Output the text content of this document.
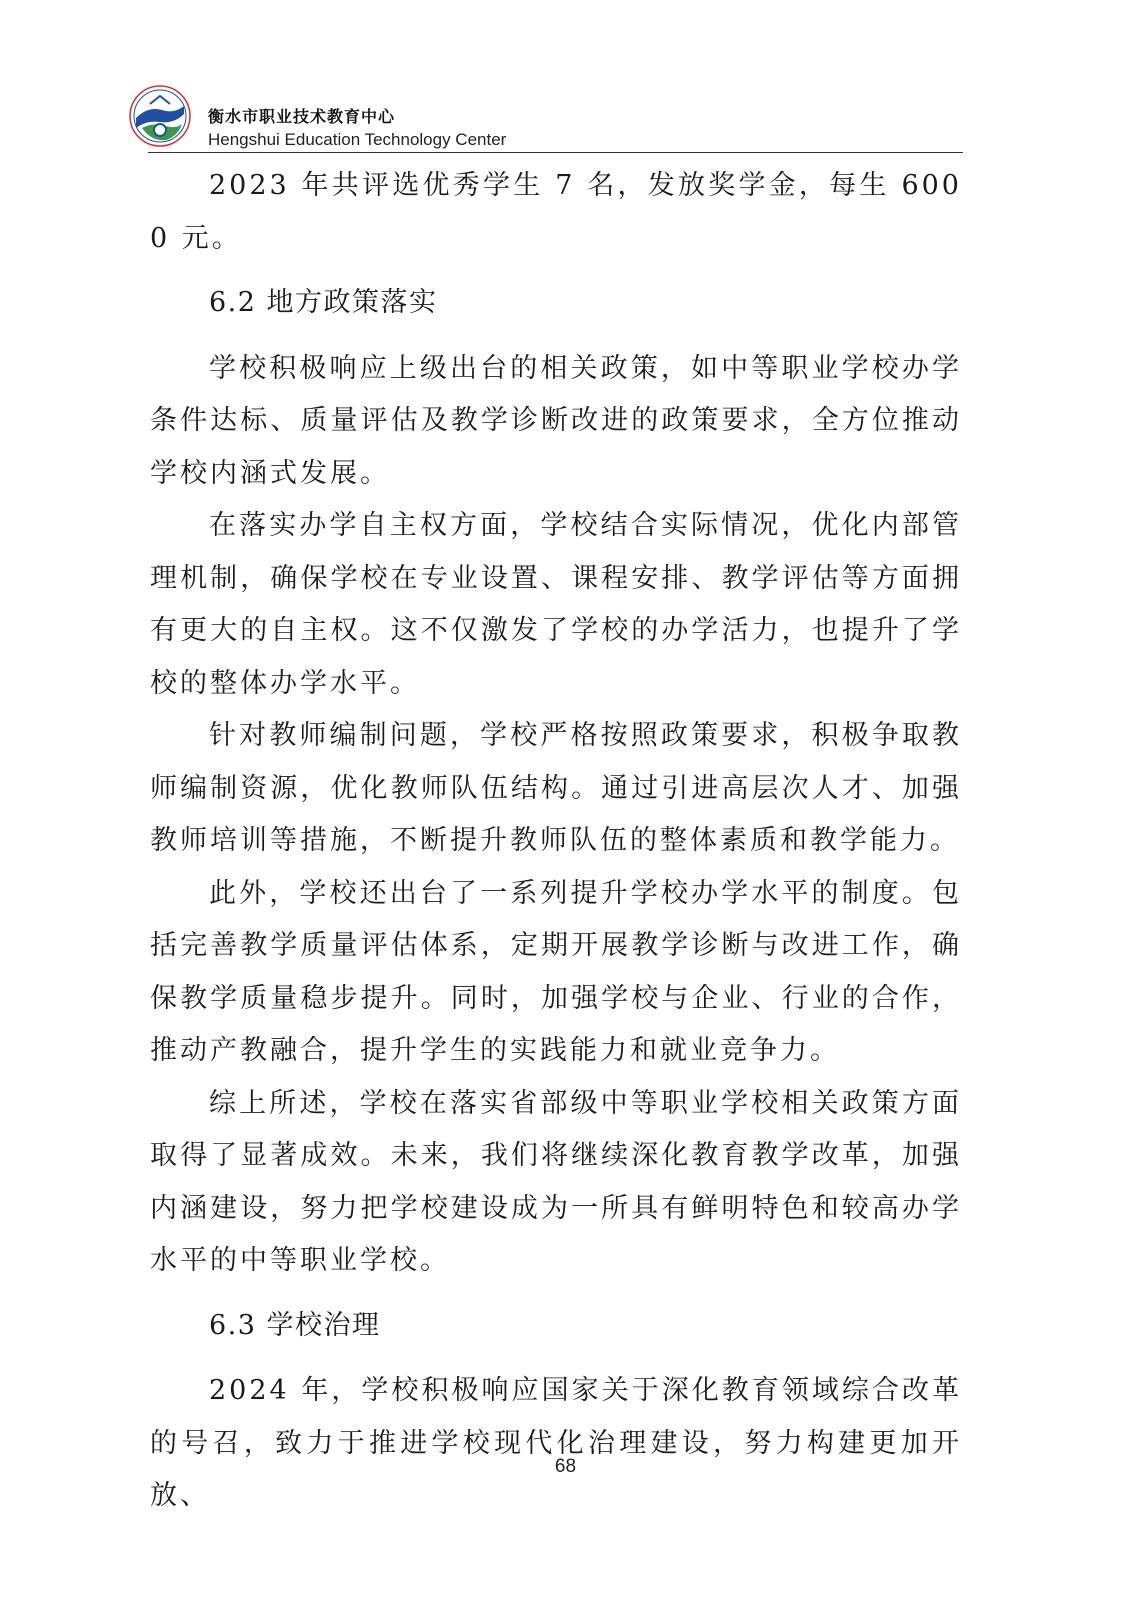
衡水市职业技术教育中心
Hengshui Education Technology Center

2023 年共评选优秀学生 7 名，发放奖学金，每生 6000 元。

6.2 地方政策落实

学校积极响应上级出台的相关政策，如中等职业学校办学条件达标、质量评估及教学诊断改进的政策要求，全方位推动学校内涵式发展。

在落实办学自主权方面，学校结合实际情况，优化内部管理机制，确保学校在专业设置、课程安排、教学评估等方面拥有更大的自主权。这不仅激发了学校的办学活力，也提升了学校的整体办学水平。

针对教师编制问题，学校严格按照政策要求，积极争取教师编制资源，优化教师队伍结构。通过引进高层次人才、加强教师培训等措施，不断提升教师队伍的整体素质和教学能力。

此外，学校还出台了一系列提升学校办学水平的制度。包括完善教学质量评估体系，定期开展教学诊断与改进工作，确保教学质量稳步提升。同时，加强学校与企业、行业的合作，推动产教融合，提升学生的实践能力和就业竞争力。

综上所述，学校在落实省部级中等职业学校相关政策方面取得了显著成效。未来，我们将继续深化教育教学改革，加强内涵建设，努力把学校建设成为一所具有鲜明特色和较高办学水平的中等职业学校。

6.3 学校治理

2024 年，学校积极响应国家关于深化教育领域综合改革的号召，致力于推进学校现代化治理建设，努力构建更加开放、

68
